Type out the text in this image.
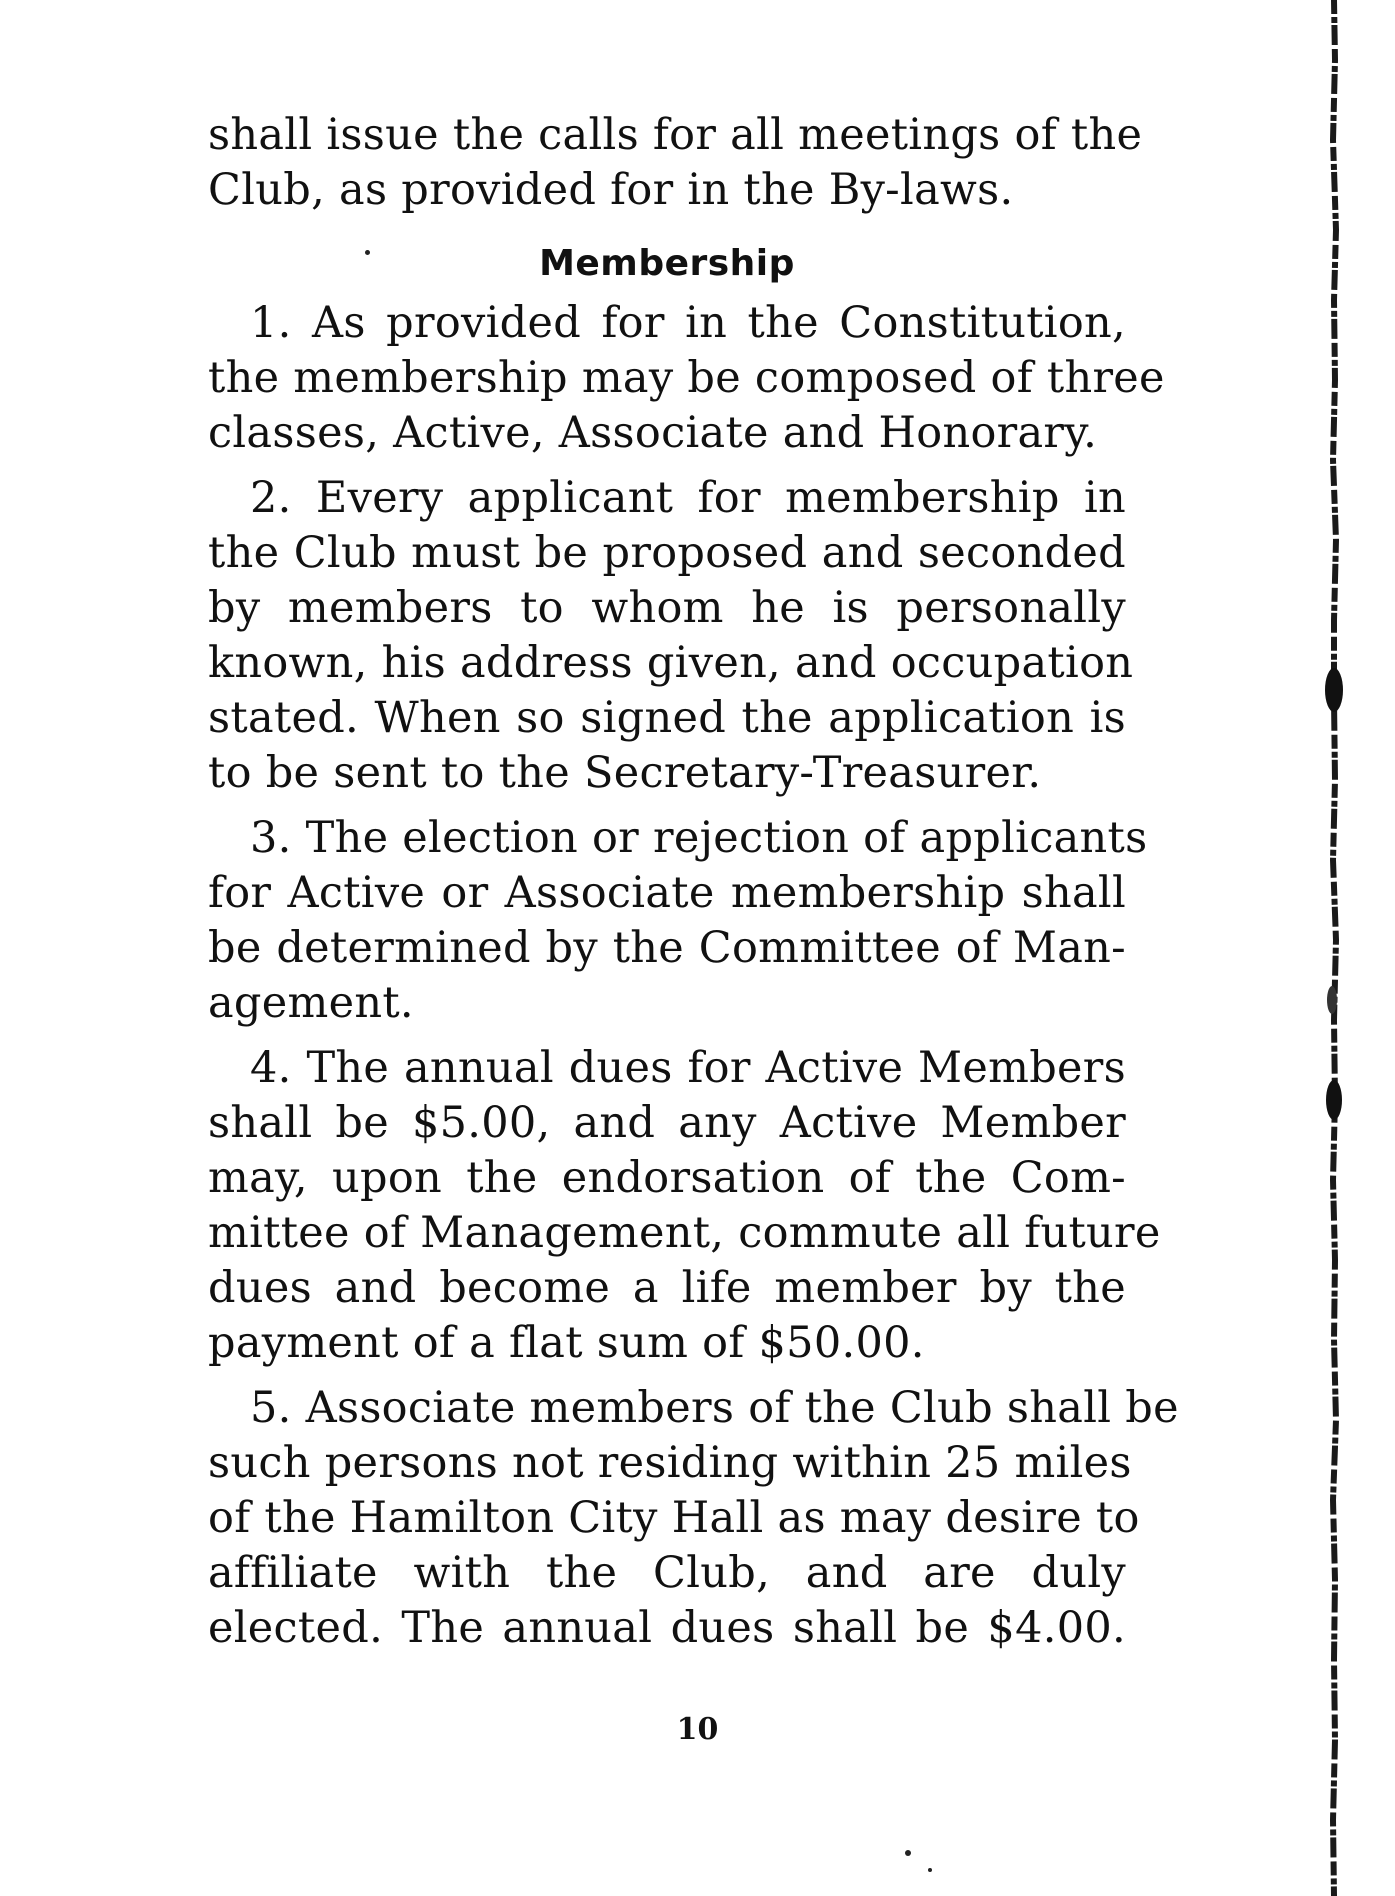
shall issue the calls for all meetings of the
Club, as provided for in the By-laws.
Membership
1. As provided for in the Constitution,
the membership may be composed of three
classes, Active, Associate and Honorary.
2. Every applicant for membership in
the Club must be proposed and seconded
by members to whom he is personally
known, his address given, and occupation
stated. When so signed the application is
to be sent to the Secretary-Treasurer.
3. The election or rejection of applicants
for Active or Associate membership shall
be determined by the Committee of Man-
agement.
4. The annual dues for Active Members
shall be $5.00, and any Active Member
may, upon the endorsation of the Com-
mittee of Management, commute all future
dues and become a life member by the
payment of a flat sum of $50.00.
5. Associate members of the Club shall be
such persons not residing within 25 miles
of the Hamilton City Hall as may desire to
affiliate with the Club, and are duly
elected. The annual dues shall be $4.00.
10
